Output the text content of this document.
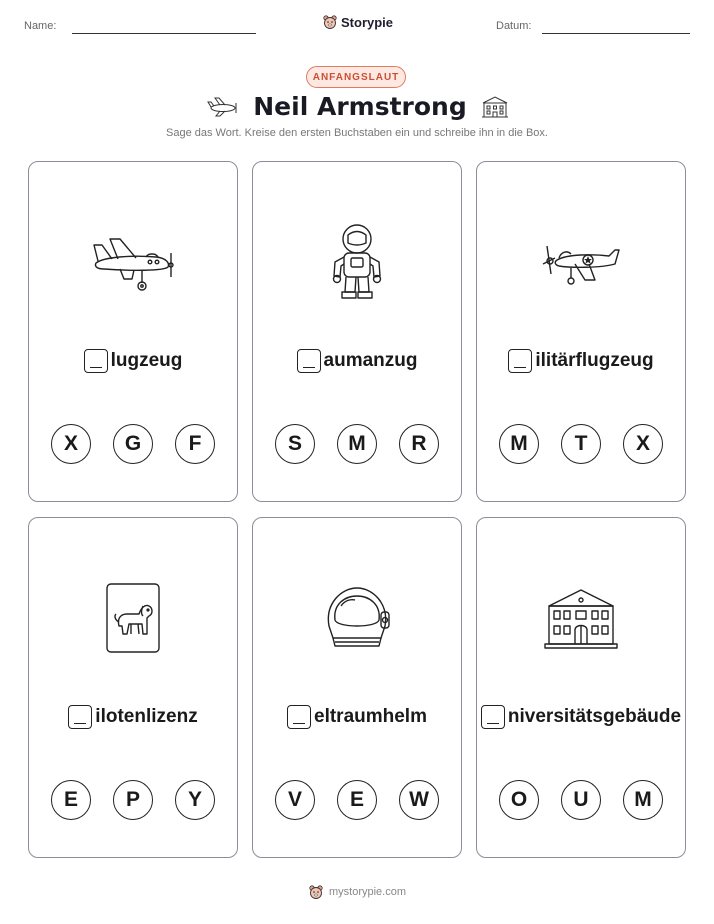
Name:	Storypie	Datum:
ANFANGSLAUT
Neil Armstrong
Sage das Wort. Kreise den ersten Buchstaben ein und schreibe ihn in die Box.
lugzeug
X	G	F
aumanzug
S	M	R
ilitärflugzeug
M	T	X
ilotenlizenz
E	P	Y
eltraumhelm
V	E	W
niversitätsgebäude
O	U	M
mystorypie.com
